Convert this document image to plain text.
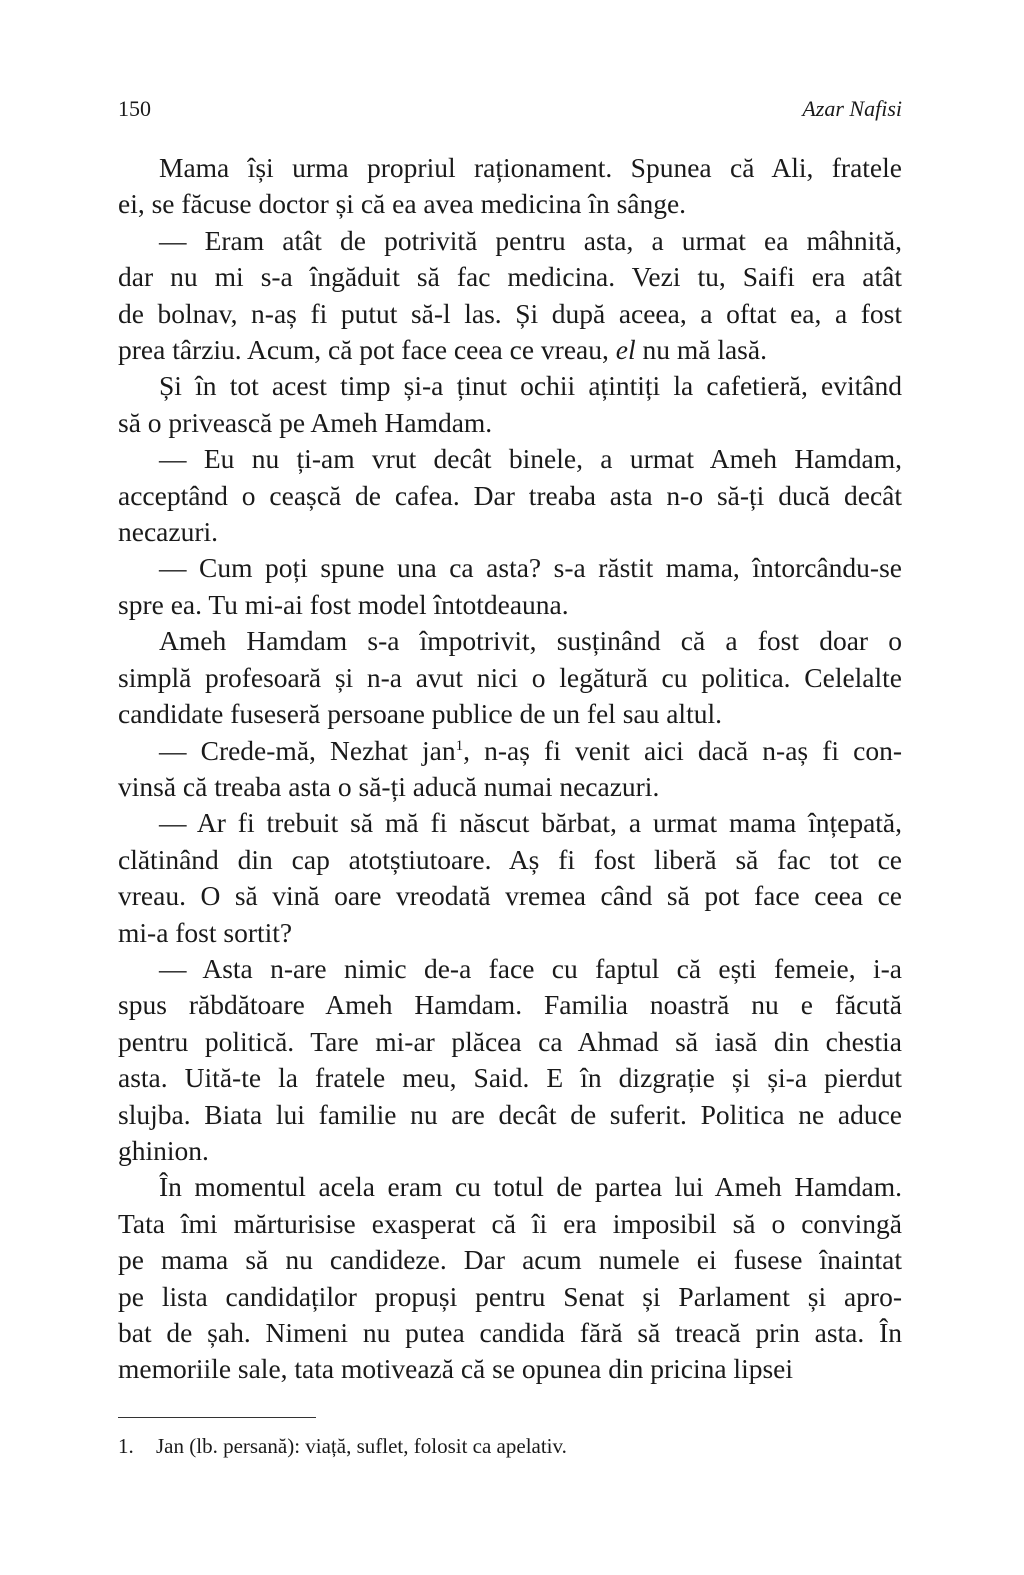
150	Azar Nafisi

Mama își urma propriul raționament. Spunea că Ali, fratele
ei, se făcuse doctor și că ea avea medicina în sânge.

— Eram atât de potrivită pentru asta, a urmat ea mâhnită,
dar nu mi s-a îngăduit să fac medicina. Vezi tu, Saifi era atât
de bolnav, n-aș fi putut să-l las. Și după aceea, a oftat ea, a fost
prea târziu. Acum, că pot face ceea ce vreau, el nu mă lasă.

Și în tot acest timp și-a ținut ochii ațintiți la cafetieră, evitând
să o privească pe Ameh Hamdam.

— Eu nu ți-am vrut decât binele, a urmat Ameh Hamdam,
acceptând o ceașcă de cafea. Dar treaba asta n-o să-ți ducă decât
necazuri.

— Cum poți spune una ca asta? s-a răstit mama, întorcându-se
spre ea. Tu mi-ai fost model întotdeauna.

Ameh Hamdam s-a împotrivit, susținând că a fost doar o
simplă profesoară și n-a avut nici o legătură cu politica. Celelalte
candidate fuseseră persoane publice de un fel sau altul.

— Crede-mă, Nezhat jan$^1$, n-aș fi venit aici dacă n-aș fi con-
vinsă că treaba asta o să-ți aducă numai necazuri.

— Ar fi trebuit să mă fi născut bărbat, a urmat mama înțepată,
clătinând din cap atotștiutoare. Aș fi fost liberă să fac tot ce
vreau. O să vină oare vreodată vremea când să pot face ceea ce
mi-a fost sortit?

— Asta n-are nimic de-a face cu faptul că ești femeie, i-a
spus răbdătoare Ameh Hamdam. Familia noastră nu e făcută
pentru politică. Tare mi-ar plăcea ca Ahmad să iasă din chestia
asta. Uită-te la fratele meu, Said. E în dizgrație și și-a pierdut
slujba. Biata lui familie nu are decât de suferit. Politica ne aduce
ghinion.

În momentul acela eram cu totul de partea lui Ameh Hamdam.
Tata îmi mărturisise exasperat că îi era imposibil să o convingă
pe mama să nu candideze. Dar acum numele ei fusese înaintat
pe lista candidaților propuși pentru Senat și Parlament și apro-
bat de șah. Nimeni nu putea candida fără să treacă prin asta. În
memoriile sale, tata motivează că se opunea din pricina lipsei

1. Jan (lb. persană): viață, suflet, folosit ca apelativ.
